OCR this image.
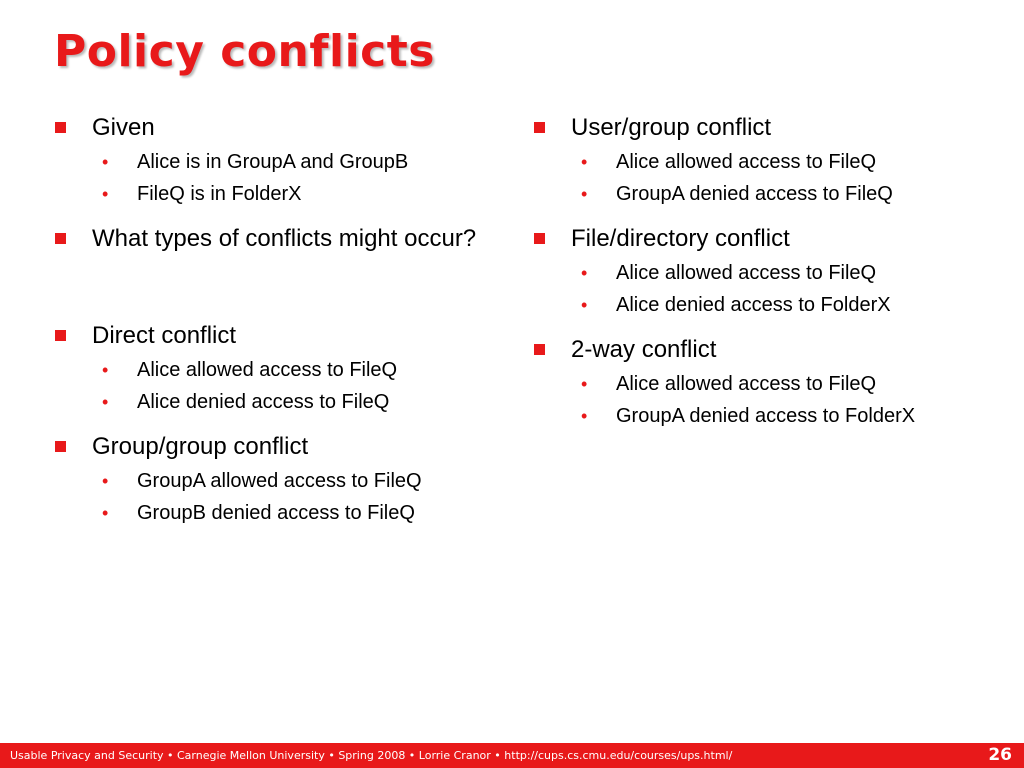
Policy conflicts
Given
•	Alice is in GroupA and GroupB
•	FileQ is in FolderX
What types of conflicts might occur?
Direct conflict
•	Alice allowed access to FileQ
•	Alice denied access to FileQ
Group/group conflict
•	GroupA allowed access to FileQ
•	GroupB denied access to FileQ
User/group conflict
•	Alice allowed access to FileQ
•	GroupA denied access to FileQ
File/directory conflict
•	Alice allowed access to FileQ
•	Alice denied access to FolderX
2-way conflict
•	Alice allowed access to FileQ
•	GroupA denied access to FolderX
Usable Privacy and Security • Carnegie Mellon University • Spring 2008 • Lorrie Cranor • http://cups.cs.cmu.edu/courses/ups.html/	26
